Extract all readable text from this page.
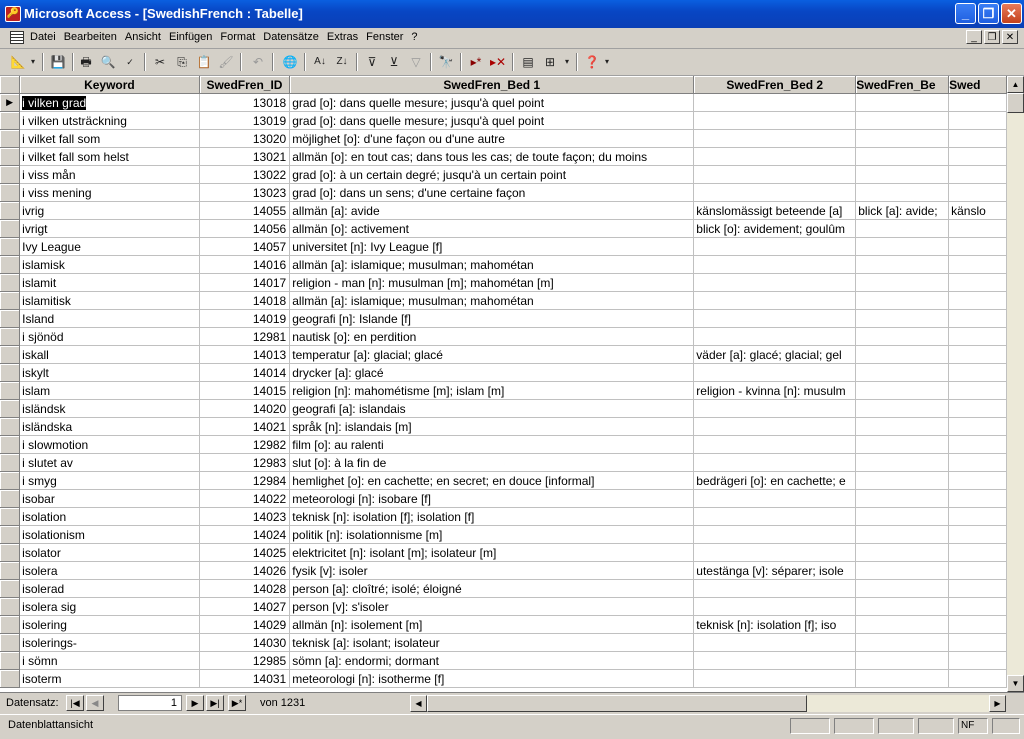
🔑 Microsoft Access - [SwedishFrench : Tabelle]	_	❐ ✕
Datei Bearbeiten Ansicht Einfügen Format Datensätze Extras Fenster ?	_	❐ ✕
📐 ▾ 💾	🖶 🔍	✓	✂	⎘ 📋 🖌	↶	🌐	A↓	Z↓	⊽	⊻	▽	🔭	▸* ▸✕	▤ ⊞	▾ ❓ ▾
	Keyword	SwedFren_ID	SwedFren_Bed 1	SwedFren_Bed 2	SwedFren_Be	Swed
▶	i vilken grad	13018	grad [o]: dans quelle mesure; jusqu'à quel point			
	i vilken utsträckning	13019	grad [o]: dans quelle mesure; jusqu'à quel point			
	i vilket fall som	13020	möjlighet [o]: d'une façon ou d'une autre			
	i vilket fall som helst	13021	allmän [o]: en tout cas; dans tous les cas; de toute façon; du moins			
	i viss mån	13022	grad [o]: à un certain degré; jusqu'à un certain point			
	i viss mening	13023	grad [o]: dans un sens; d'une certaine façon			
	ivrig	14055	allmän [a]: avide	känslomässigt beteende [a]	blick [a]: avide;	känslo
	ivrigt	14056	allmän [o]: activement	blick [o]: avidement; goulûm		
	Ivy League	14057	universitet [n]: Ivy League [f]			
	islamisk	14016	allmän [a]: islamique; musulman; mahométan			
	islamit	14017	religion - man [n]: musulman [m]; mahométan [m]			
	islamitisk	14018	allmän [a]: islamique; musulman; mahométan			
	Island	14019	geografi [n]: Islande [f]			
	i sjönöd	12981	nautisk [o]: en perdition			
	iskall	14013	temperatur [a]: glacial; glacé	väder [a]: glacé; glacial; gel		
	iskylt	14014	drycker [a]: glacé			
	islam	14015	religion [n]: mahométisme [m]; islam [m]	religion - kvinna [n]: musulm		
	isländsk	14020	geografi [a]: islandais			
	isländska	14021	språk [n]: islandais [m]			
	i slowmotion	12982	film [o]: au ralenti			
	i slutet av	12983	slut [o]: à la fin de			
	i smyg	12984	hemlighet [o]: en cachette; en secret; en douce [informal]	bedrägeri [o]: en cachette; e		
	isobar	14022	meteorologi [n]: isobare [f]			
	isolation	14023	teknisk [n]: isolation [f]; isolation [f]			
	isolationism	14024	politik [n]: isolationnisme [m]			
	isolator	14025	elektricitet [n]: isolant [m]; isolateur [m]			
	isolera	14026	fysik [v]: isoler	utestänga [v]: séparer; isole		
	isolerad	14028	person [a]: cloîtré; isolé; éloigné			
	isolera sig	14027	person [v]: s'isoler			
	isolering	14029	allmän [n]: isolement [m]	teknisk [n]: isolation [f]; iso		
	isolerings-	14030	teknisk [a]: isolant; isolateur			
	i sömn	12985	sömn [a]: endormi; dormant			
	isoterm	14031	meteorologi [n]: isotherme [f]			
▲
▼
Datensatz:	|◀	◀	1	▶	▶|	▶*	von 1231	◀	▶
Datenblattansicht	NF
